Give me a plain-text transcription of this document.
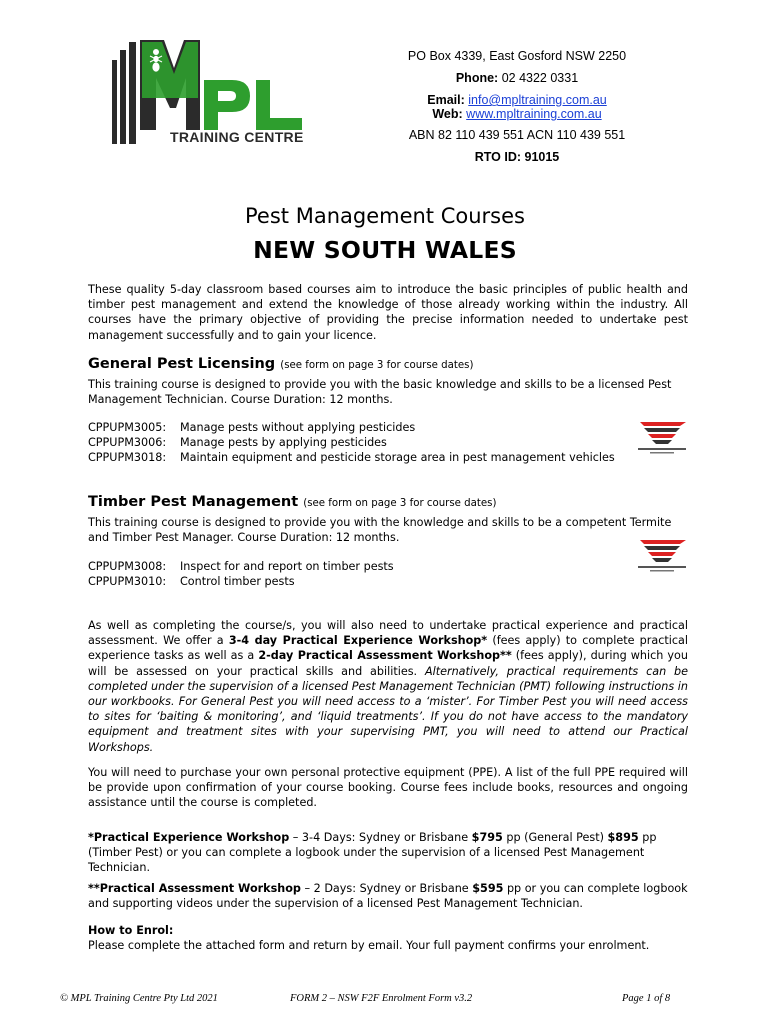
TRAINING CENTRE
PO Box 4339, East Gosford NSW 2250
Phone: 02 4322 0331
Email: info@mpltraining.com.au
Web: www.mpltraining.com.au
ABN 82 110 439 551 ACN 110 439 551
RTO ID: 91015
Pest Management Courses
NEW SOUTH WALES
These quality 5-day classroom based courses aim to introduce the basic principles of public health and timber pest management and extend the knowledge of those already working within the industry. All courses have the primary objective of providing the precise information needed to undertake pest management successfully and to gain your licence.
General Pest Licensing (see form on page 3 for course dates)
This training course is designed to provide you with the basic knowledge and skills to be a licensed Pest Management Technician. Course Duration: 12 months.
CPPUPM3005: Manage pests without applying pesticides
CPPUPM3006: Manage pests by applying pesticides
CPPUPM3018: Maintain equipment and pesticide storage area in pest management vehicles
Timber Pest Management (see form on page 3 for course dates)
This training course is designed to provide you with the knowledge and skills to be a competent Termite and Timber Pest Manager. Course Duration: 12 months.
CPPUPM3008: Inspect for and report on timber pests
CPPUPM3010: Control timber pests
As well as completing the course/s, you will also need to undertake practical experience and practical assessment. We offer a 3-4 day Practical Experience Workshop* (fees apply) to complete practical experience tasks as well as a 2-day Practical Assessment Workshop** (fees apply), during which you will be assessed on your practical skills and abilities. Alternatively, practical requirements can be completed under the supervision of a licensed Pest Management Technician (PMT) following instructions in our workbooks. For General Pest you will need access to a ‘mister’. For Timber Pest you will need access to sites for ‘baiting & monitoring’, and ‘liquid treatments’. If you do not have access to the mandatory equipment and treatment sites with your supervising PMT, you will need to attend our Practical Workshops.
You will need to purchase your own personal protective equipment (PPE). A list of the full PPE required will be provide upon confirmation of your course booking. Course fees include books, resources and ongoing assistance until the course is completed.
*Practical Experience Workshop – 3-4 Days: Sydney or Brisbane $795 pp (General Pest) $895 pp (Timber Pest) or you can complete a logbook under the supervision of a licensed Pest Management Technician.
**Practical Assessment Workshop – 2 Days: Sydney or Brisbane $595 pp or you can complete logbook and supporting videos under the supervision of a licensed Pest Management Technician.
How to Enrol:
Please complete the attached form and return by email. Your full payment confirms your enrolment.
© MPL Training Centre Pty Ltd 2021	FORM 2 – NSW F2F Enrolment Form v3.2	Page 1 of 8
